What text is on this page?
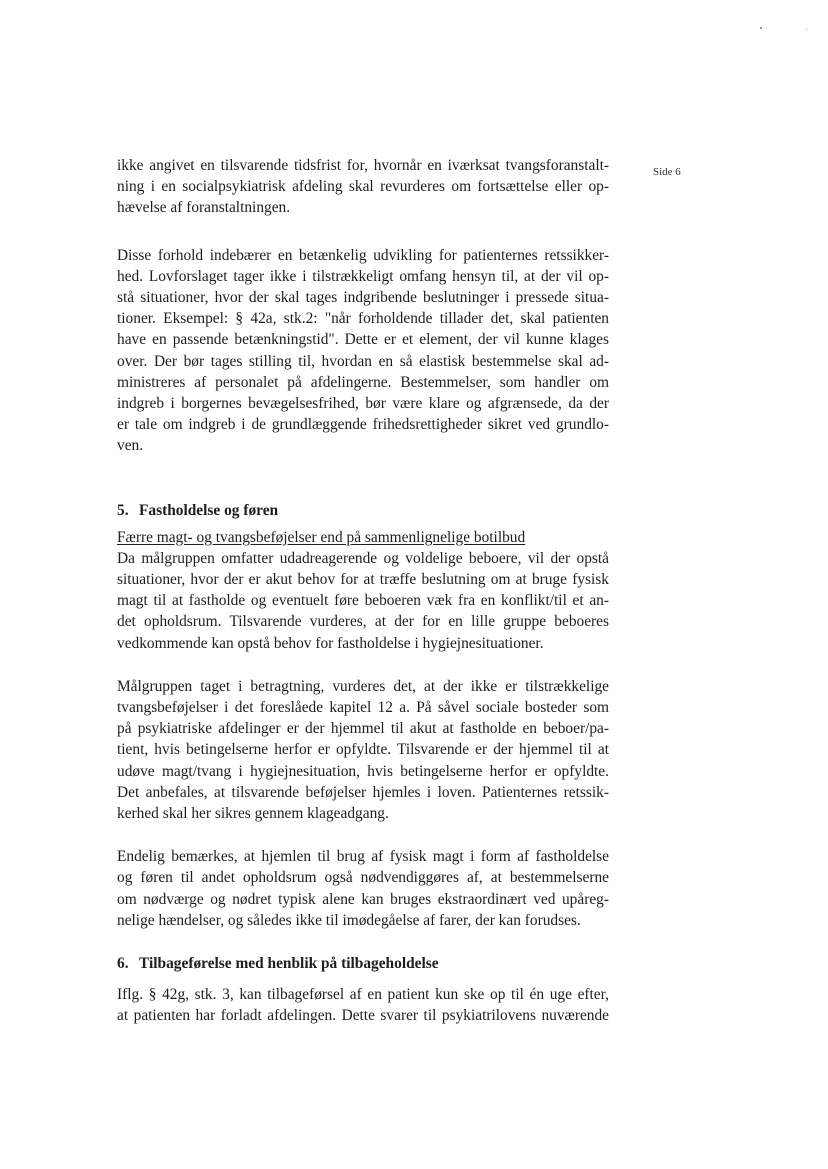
Side 6

ikke angivet en tilsvarende tidsfrist for, hvornår en iværksat tvangsforanstalt-
ning i en socialpsykiatrisk afdeling skal revurderes om fortsættelse eller op-
hævelse af foranstaltningen.

Disse forhold indebærer en betænkelig udvikling for patienternes retssikker-
hed. Lovforslaget tager ikke i tilstrækkeligt omfang hensyn til, at der vil op-
stå situationer, hvor der skal tages indgribende beslutninger i pressede situa-
tioner. Eksempel: § 42a, stk.2: "når forholdende tillader det, skal patienten
have en passende betænkningstid". Dette er et element, der vil kunne klages
over. Der bør tages stilling til, hvordan en så elastisk bestemmelse skal ad-
ministreres af personalet på afdelingerne. Bestemmelser, som handler om
indgreb i borgernes bevægelsesfrihed, bør være klare og afgrænsede, da der
er tale om indgreb i de grundlæggende frihedsrettigheder sikret ved grundlo-
ven.

5. Fastholdelse og føren

Færre magt- og tvangsbeføjelser end på sammenlignelige botilbud

Da målgruppen omfatter udadreagerende og voldelige beboere, vil der opstå
situationer, hvor der er akut behov for at træffe beslutning om at bruge fysisk
magt til at fastholde og eventuelt føre beboeren væk fra en konflikt/til et an-
det opholdsrum. Tilsvarende vurderes, at der for en lille gruppe beboeres
vedkommende kan opstå behov for fastholdelse i hygiejnesituationer.

Målgruppen taget i betragtning, vurderes det, at der ikke er tilstrækkelige
tvangsbeføjelser i det foreslåede kapitel 12 a. På såvel sociale bosteder som
på psykiatriske afdelinger er der hjemmel til akut at fastholde en beboer/pa-
tient, hvis betingelserne herfor er opfyldte. Tilsvarende er der hjemmel til at
udøve magt/tvang i hygiejnesituation, hvis betingelserne herfor er opfyldte.
Det anbefales, at tilsvarende beføjelser hjemles i loven. Patienternes retssik-
kerhed skal her sikres gennem klageadgang.

Endelig bemærkes, at hjemlen til brug af fysisk magt i form af fastholdelse
og føren til andet opholdsrum også nødvendiggøres af, at bestemmelserne
om nødværge og nødret typisk alene kan bruges ekstraordinært ved upåreg-
nelige hændelser, og således ikke til imødegåelse af farer, der kan forudses.

6. Tilbageførelse med henblik på tilbageholdelse

Iflg. § 42g, stk. 3, kan tilbageførsel af en patient kun ske op til én uge efter,
at patienten har forladt afdelingen. Dette svarer til psykiatrilovens nuværende
